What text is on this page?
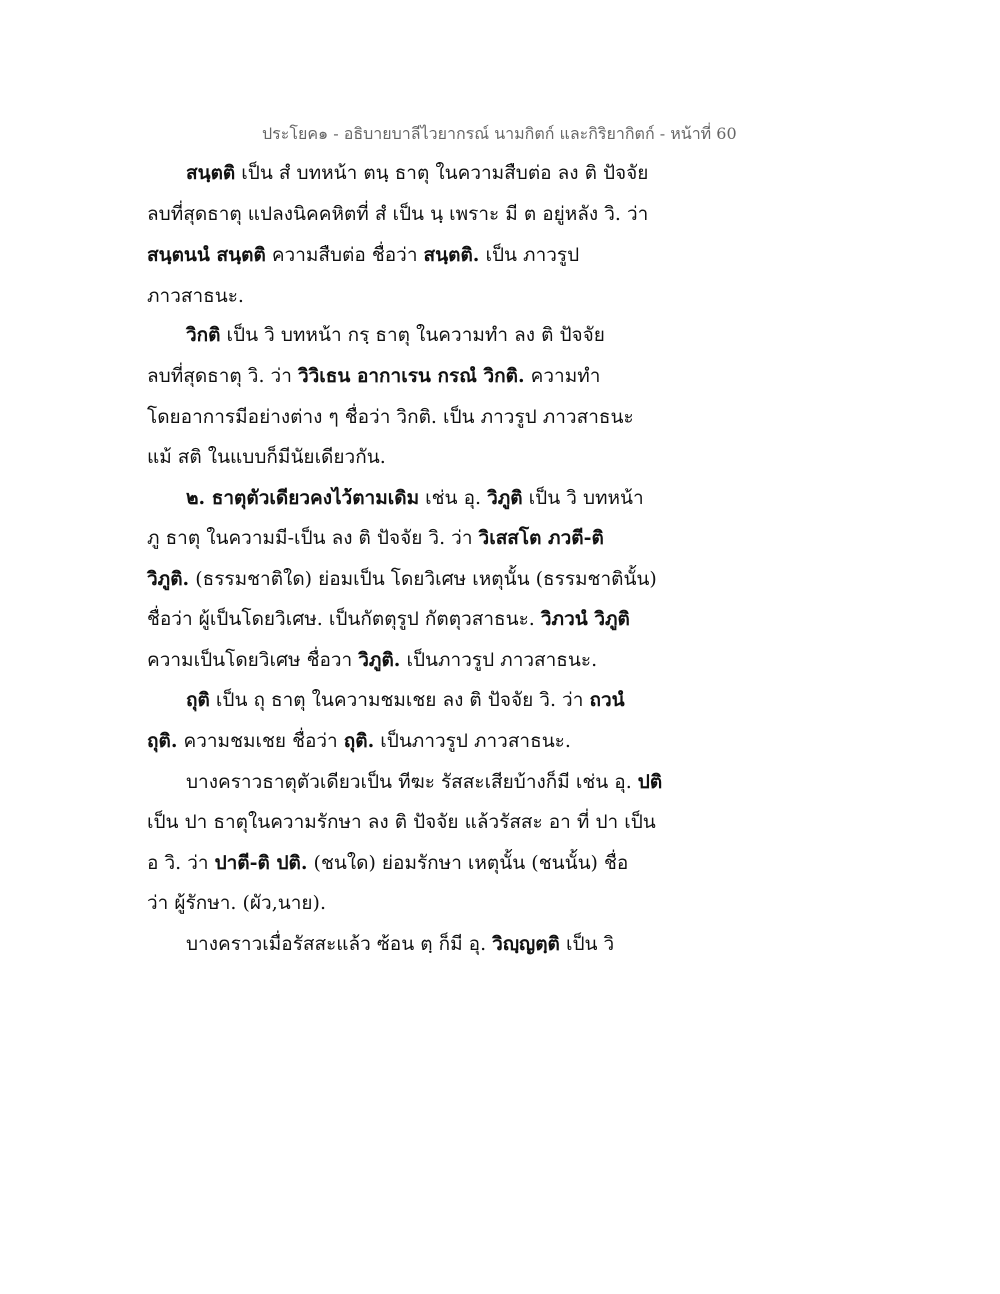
ประโยค๑ - อธิบายบาลีไวยากรณ์ นามกิตก์ และกิริยากิตก์ - หน้าที่ 60
สนฺตติ เป็น สํ บทหน้า ตนฺ ธาตุ ในความสืบต่อ ลง ติ ปัจจัย
ลบที่สุดธาตุ แปลงนิคคหิตที่ สํ เป็น นฺ เพราะ มี ต อยู่หลัง วิ. ว่า
สนฺตนนํ สนฺตติ ความสืบต่อ ชื่อว่า สนฺตติ. เป็น ภาวรูป
ภาวสาธนะ.
วิกติ เป็น วิ บทหน้า กรฺ ธาตุ ในความทำ ลง ติ ปัจจัย
ลบที่สุดธาตุ วิ. ว่า วิวิเธน อากาเรน กรณํ วิกติ. ความทำ
โดยอาการมีอย่างต่าง ๆ ชื่อว่า วิกติ. เป็น ภาวรูป ภาวสาธนะ
แม้ สติ ในแบบก็มีนัยเดียวกัน.
๒. ธาตุตัวเดียวคงไว้ตามเดิม เช่น อุ. วิภูติ เป็น วิ บทหน้า
ภู ธาตุ ในความมี-เป็น ลง ติ ปัจจัย วิ. ว่า วิเสสโต ภวตี-ติ
วิภูติ. (ธรรมชาติใด) ย่อมเป็น โดยวิเศษ เหตุนั้น (ธรรมชาตินั้น)
ชื่อว่า ผู้เป็นโดยวิเศษ. เป็นกัตตุรูป กัตตุวสาธนะ. วิภวนํ วิภูติ
ความเป็นโดยวิเศษ ชื่อวา วิภูติ. เป็นภาวรูป ภาวสาธนะ.
ถุติ เป็น ถุ ธาตุ ในความชมเชย ลง ติ ปัจจัย วิ. ว่า ถวนํ
ถุติ. ความชมเชย ชื่อว่า ถุติ. เป็นภาวรูป ภาวสาธนะ.
บางคราวธาตุตัวเดียวเป็น ทีฆะ รัสสะเสียบ้างก็มี เช่น อุ. ปติ
เป็น ปา ธาตุในความรักษา ลง ติ ปัจจัย แล้วรัสสะ อา ที่ ปา เป็น
อ วิ. ว่า ปาตี-ติ ปติ. (ชนใด) ย่อมรักษา เหตุนั้น (ชนนั้น) ชื่อ
ว่า ผู้รักษา. (ผัว,นาย).
บางคราวเมื่อรัสสะแล้ว ซ้อน ตฺ ก็มี อุ. วิญฺญตฺติ เป็น วิ
